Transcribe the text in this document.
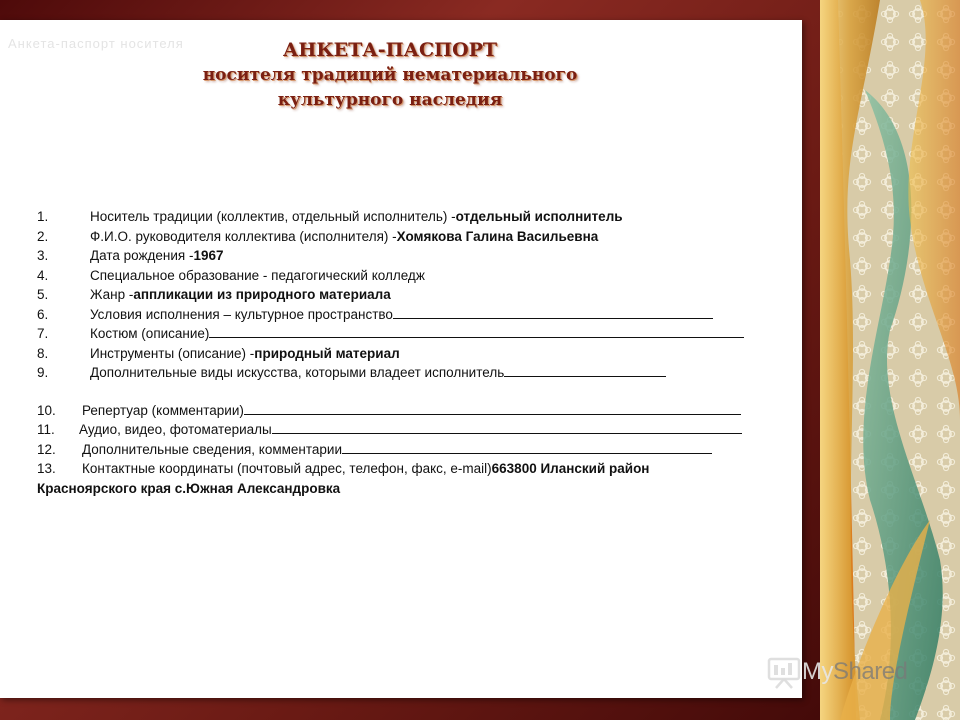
Анкета-паспорт носителя	АНКЕТА-ПАСПОРТ
носителя традиций нематериального
культурного наследия
1.	Носитель традиции (коллектив, отдельный исполнитель) - отдельный исполнитель
2.	Ф.И.О. руководителя коллектива (исполнителя) - Хомякова Галина Васильевна
3.	Дата рождения - 1967
4.	Специальное образование - педагогический колледж
5.	Жанр - аппликации из природного материала
6.	Условия исполнения – культурное пространство
7.	Костюм (описание)
8.	Инструменты (описание) - природный материал
9.	Дополнительные виды искусства, которыми владеет исполнитель
10.	Репертуар (комментарии)
11.	Аудио, видео, фотоматериалы
12.	Дополнительные сведения, комментарии
13.	Контактные координаты (почтовый адрес, телефон, факс, e-mail) 663800 Иланский район
Красноярского края с.Южная Александровка
MyShared
